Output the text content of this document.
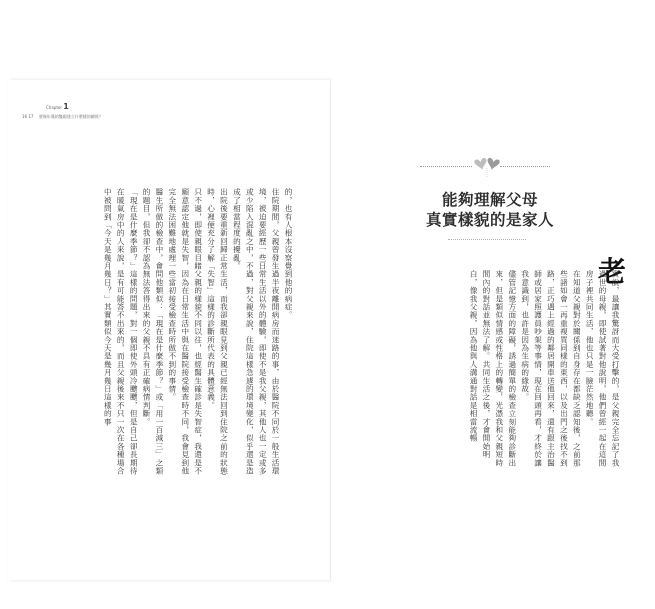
Chapter 1
16 17 要與年邁的雙親建立什麼樣的關係？

的，也有人根本沒察覺到他的病症。

住院期間，父親曾發生過半夜離開病房而迷路的事，由於醫院不同於一般生活環境，被迫要經歷一些日常生活以外的體驗，即使不是我父親，其他人也一定或多或少陷入混亂之中，不過，對父親來說，住院這樣急遽的環境變化，似乎還是造成了相當程度的擾亂。

出院後要重新回歸正常生活，而我卻親眼見到父親已經無法回到住院之前的狀態時，心裡便充分了解「失智」這樣的診斷所代表的具體意義。

只不過，即使親眼目睹父親的樣貌不同以往，也經醫生確診是失智症，我還是不願意認定他就是失智，因為在日常生活中與在醫院接受檢查時不同，我會見到他完全無法困難地處理一些當初接受檢查時所做不到的事情。

醫生所做的檢查中，會問他類似：「現在是什麼季節？」或「用一百減三」之類的題目，但我卻不認為無法答得出來的父親不具有正確病情判斷。

「現在是什麼季節？」這樣的問題，對一個即使外頭冷颼颼，但是自己卻長期待在暖氣房中的人來說，是有可能答不出來的，而且父親後來不只一次在各種場合中被問到「今天是幾月幾日？」其實類似今天是幾月幾日這樣的事	能夠理解父母
真實樣貌的是家人
老

實說，最讓我驚訝而大受打擊的，是父親完全忘記了我過世的母親，即使試著對他說明，他們曾經一起在這間房子裡共同生活，他也只是一臉茫然地聽。

在知道父親對於關係到自身存在都缺乏認知後，之前那些諸如會一再重複買同樣的東西，以及出門之後找不到路，正巧遇上經過的鄰居開車送他回來，還有跟主治醫師或居家照護員吵架等事情，現在回頭再看，才終於讓我意識到，也許是因為生病的緣故。

儘管記憶方面的障礙，誘過簡單的檢查立刻能夠診斷出來，但是類似情感或性格上的轉變，光憑我和父親短時間內的對話並無法了解。共同生活之後，才會開始明白，像我父親，因為他與人溝通對話是相當流暢
